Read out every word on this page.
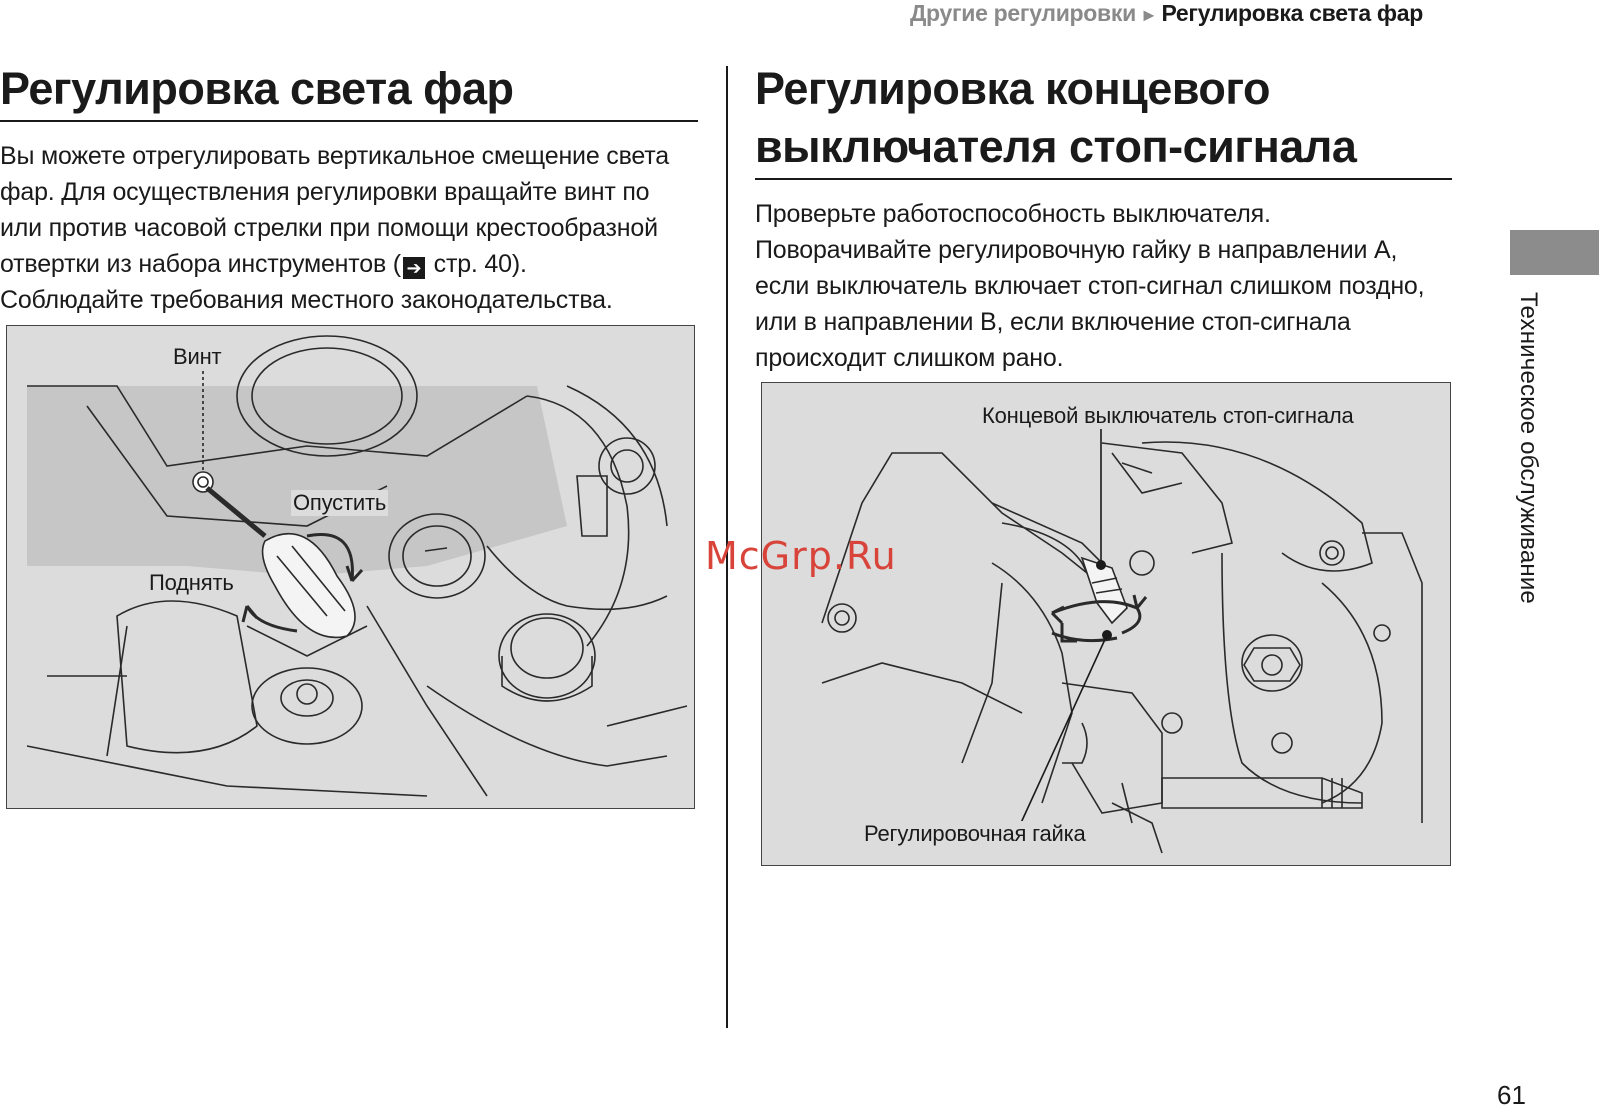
Другие регулировки ► Регулировка света фар
Регулировка света фар

Вы можете отрегулировать вертикальное смещение света фар. Для осуществления регулировки вращайте винт по или против часовой стрелки при помощи крестообразной отвертки из набора инструментов ( ➔ стр. 40).
Соблюдайте требования местного законодательства.

Винт
Опустить
Поднять
Регулировка концевого
выключателя стоп-сигнала

Проверьте работоспособность выключателя.
Поворачивайте регулировочную гайку в направлении A, если выключатель включает стоп-сигнал слишком поздно, или в направлении B, если включение стоп-сигнала происходит слишком рано.

Концевой выключатель стоп-сигнала
Регулировочная гайка
McGrp.Ru	Техническое обслуживание
61
